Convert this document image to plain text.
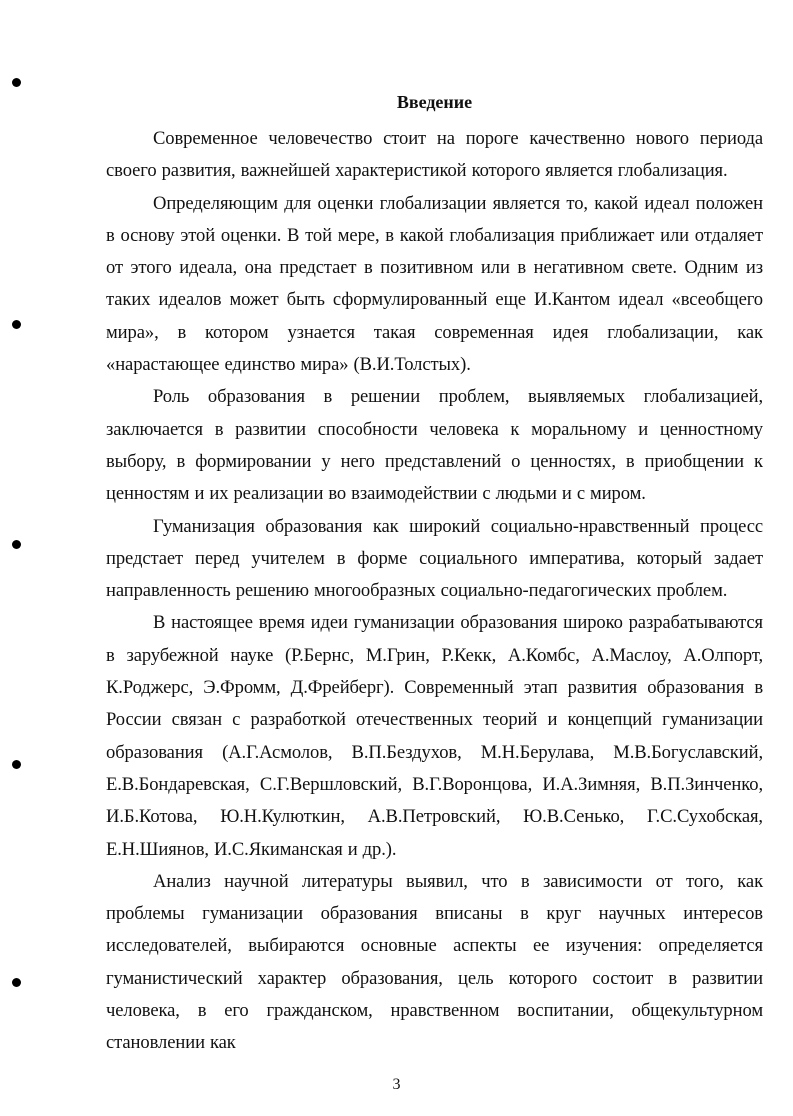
Введение

Современное человечество стоит на пороге качественно нового периода своего развития, важнейшей характеристикой которого является глобализация.

Определяющим для оценки глобализации является то, какой идеал положен в основу этой оценки. В той мере, в какой глобализация приближает или отдаляет от этого идеала, она предстает в позитивном или в негативном свете. Одним из таких идеалов может быть сформулированный еще И.Кантом идеал «всеобщего мира», в котором узнается такая современная идея глобализации, как «нарастающее единство мира» (В.И.Толстых).

Роль образования в решении проблем, выявляемых глобализацией, заключается в развитии способности человека к моральному и ценностному выбору, в формировании у него представлений о ценностях, в приобщении к ценностям и их реализации во взаимодействии с людьми и с миром.

Гуманизация образования как широкий социально-нравственный процесс предстает перед учителем в форме социального императива, который задает направленность решению многообразных социально-педагогических проблем.

В настоящее время идеи гуманизации образования широко разрабатываются в зарубежной науке (Р.Бернс, М.Грин, Р.Кекк, А.Комбс, А.Маслоу, А.Олпорт, К.Роджерс, Э.Фромм, Д.Фрейберг). Современный этап развития образования в России связан с разработкой отечественных теорий и концепций гуманизации образования (А.Г.Асмолов, В.П.Бездухов, М.Н.Берулава, М.В.Богуславский, Е.В.Бондаревская, С.Г.Вершловский, В.Г.Воронцова, И.А.Зимняя, В.П.Зинченко, И.Б.Котова, Ю.Н.Кулюткин, А.В.Петровский, Ю.В.Сенько, Г.С.Сухобская, Е.Н.Шиянов, И.С.Якиманская и др.).

Анализ научной литературы выявил, что в зависимости от того, как проблемы гуманизации образования вписаны в круг научных интересов исследователей, выбираются основные аспекты ее изучения: определяется гуманистический характер образования, цель которого состоит в развитии человека, в его гражданском, нравственном воспитании, общекультурном становлении как

3
